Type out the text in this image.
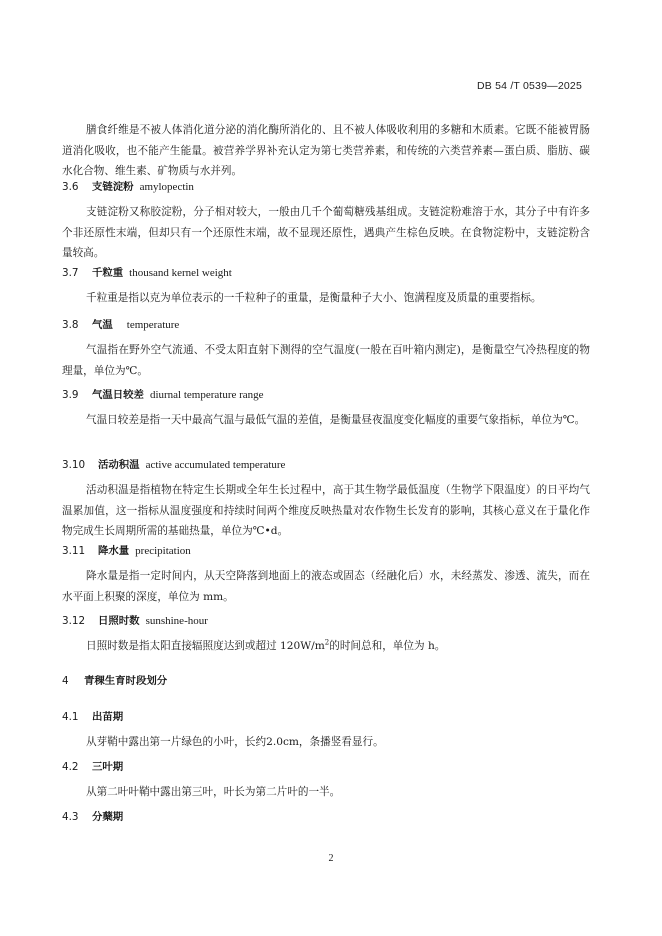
DB 54 /T 0539—2025

膳食纤维是不被人体消化道分泌的消化酶所消化的、且不被人体吸收利用的多糖和木质素。它既不能被胃肠道消化吸收，也不能产生能量。被营养学界补充认定为第七类营养素，和传统的六类营养素—蛋白质、脂肪、碳水化合物、维生素、矿物质与水并列。

3.6 支链淀粉 amylopectin

支链淀粉又称胶淀粉，分子相对较大，一般由几千个葡萄糖残基组成。支链淀粉难溶于水，其分子中有许多个非还原性末端，但却只有一个还原性末端，故不显现还原性，遇典产生棕色反映。在食物淀粉中，支链淀粉含量较高。

3.7 千粒重 thousand kernel weight

千粒重是指以克为单位表示的一千粒种子的重量，是衡量种子大小、饱满程度及质量的重要指标。

3.8 气温 temperature

气温指在野外空气流通、不受太阳直射下测得的空气温度(一般在百叶箱内测定)，是衡量空气冷热程度的物理量，单位为℃。

3.9 气温日较差 diurnal temperature range

气温日较差是指一天中最高气温与最低气温的差值，是衡量昼夜温度变化幅度的重要气象指标，单位为℃。

3.10 活动积温 active accumulated temperature

活动积温是指植物在特定生长期或全年生长过程中，高于其生物学最低温度（生物学下限温度）的日平均气温累加值，这一指标从温度强度和持续时间两个维度反映热量对农作物生长发育的影响，其核心意义在于量化作物完成生长周期所需的基础热量，单位为℃•d。

3.11 降水量 precipitation

降水量是指一定时间内，从天空降落到地面上的液态或固态（经融化后）水，未经蒸发、渗透、流失，而在水平面上积聚的深度，单位为 mm。

3.12 日照时数 sunshine-hour

日照时数是指太阳直接辐照度达到或超过 $120W/m^2$的时间总和，单位为 h。

4 青稞生育时段划分

4.1 出苗期

从芽鞘中露出第一片绿色的小叶，长约2.0cm，条播竖看显行。

4.2 三叶期

从第二叶叶鞘中露出第三叶，叶长为第二片叶的一半。

4.3 分蘖期

2
